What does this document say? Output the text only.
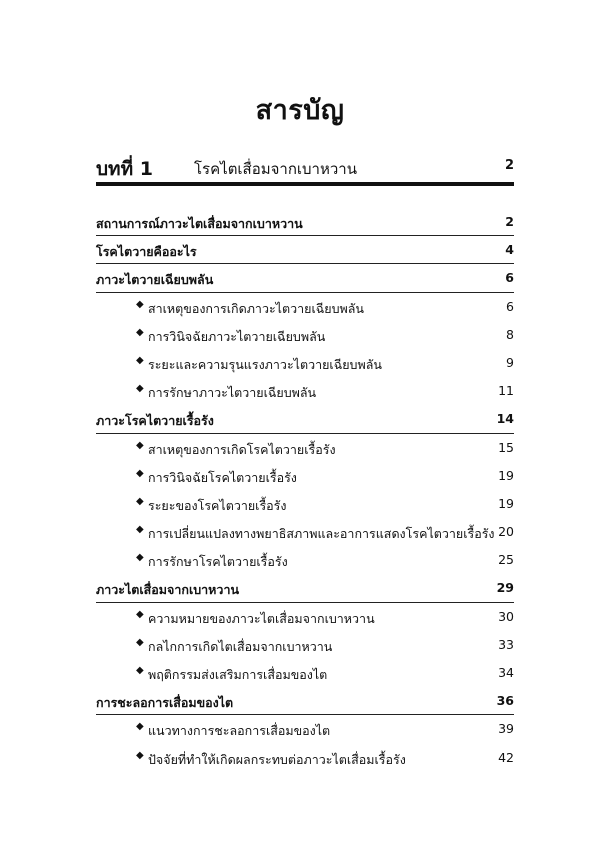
สารบัญ
บทที่ 1	โรคไตเสื่อมจากเบาหวาน	2
สถานการณ์ภาวะไตเสื่อมจากเบาหวาน	2
โรคไตวายคืออะไร	4
ภาวะไตวายเฉียบพลัน	6
◆ สาเหตุของการเกิดภาวะไตวายเฉียบพลัน	6
◆ การวินิจฉัยภาวะไตวายเฉียบพลัน	8
◆ ระยะและความรุนแรงภาวะไตวายเฉียบพลัน	9
◆ การรักษาภาวะไตวายเฉียบพลัน	11
ภาวะโรคไตวายเรื้อรัง	14
◆ สาเหตุของการเกิดโรคไตวายเรื้อรัง	15
◆ การวินิจฉัยโรคไตวายเรื้อรัง	19
◆ ระยะของโรคไตวายเรื้อรัง	19
◆ การเปลี่ยนแปลงทางพยาธิสภาพและอาการแสดงโรคไตวายเรื้อรัง 20
◆ การรักษาโรคไตวายเรื้อรัง	25
ภาวะไตเสื่อมจากเบาหวาน	29
◆ ความหมายของภาวะไตเสื่อมจากเบาหวาน	30
◆ กลไกการเกิดไตเสื่อมจากเบาหวาน	33
◆ พฤติกรรมส่งเสริมการเสื่อมของไต	34
การชะลอการเสื่อมของไต	36
◆ แนวทางการชะลอการเสื่อมของไต	39
◆ ปัจจัยที่ทำให้เกิดผลกระทบต่อภาวะไตเสื่อมเรื้อรัง	42
